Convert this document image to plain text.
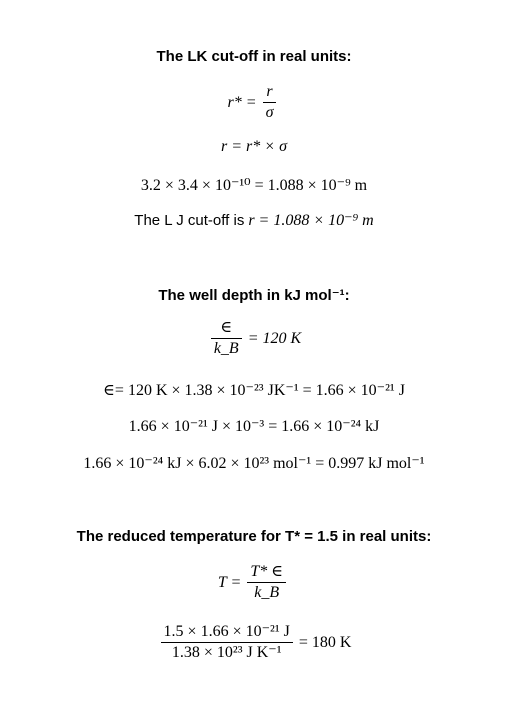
The LK cut-off in real units:
$r* = \frac{r}{\sigma}$
r = r* × σ
3.2 × 3.4 × 10⁻¹⁰ = 1.088 × 10⁻⁹ m
The L J cut-off is r = 1.088 × 10⁻⁹ m
The well depth in kJ mol⁻¹:
$\frac{\in}{k\_B} = 120$ K
∈= 120 K × 1.38 × 10⁻²³ JK⁻¹ = 1.66 × 10⁻²¹ J
1.66 × 10⁻²¹ J × 10⁻³ = 1.66 × 10⁻²⁴ kJ
1.66 × 10⁻²⁴ kJ × 6.02 × 10²³ mol⁻¹ = 0.997 kJ mol⁻¹
The reduced temperature for T* = 1.5 in real units:
$T = \frac{T* \in}{k\_B}$
$\frac{\text{1.5 × 1.66 × 10⁻²¹ J}}{\text{1.38 × 10²³ J K⁻¹}} = 180$ K
